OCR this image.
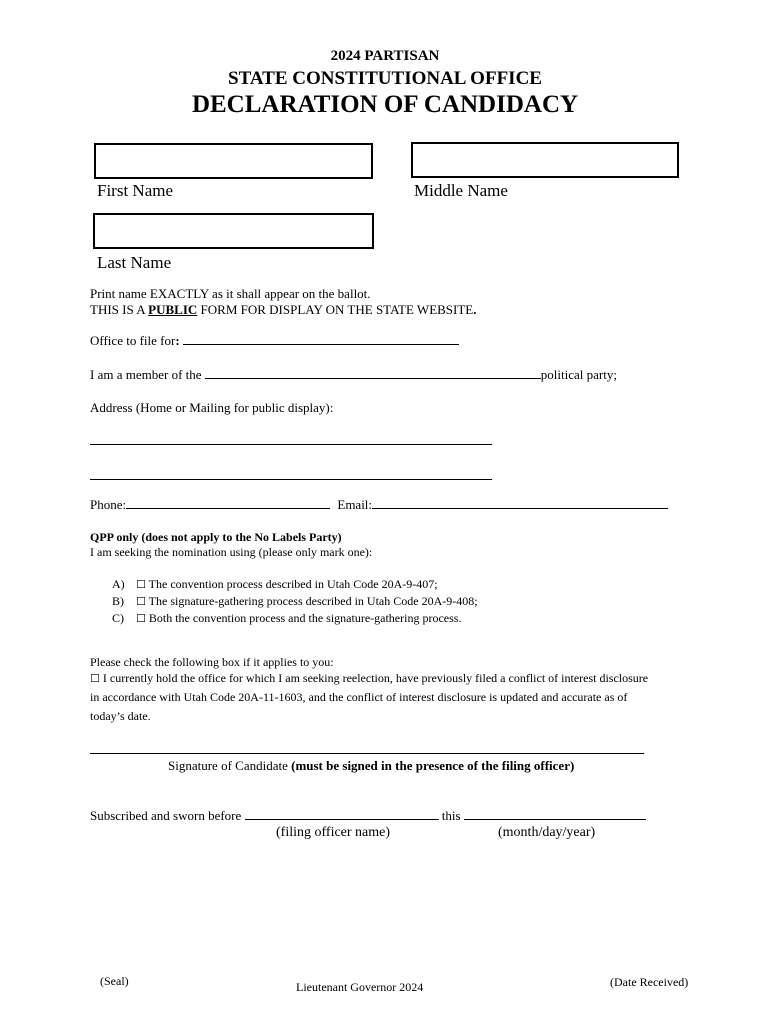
2024 PARTISAN
STATE CONSTITUTIONAL OFFICE
DECLARATION OF CANDIDACY
First Name	Middle Name
Last Name
Print name EXACTLY as it shall appear on the ballot.
THIS IS A PUBLIC FORM FOR DISPLAY ON THE STATE WEBSITE.
Office to file for:
I am a member of the	political party;
Address (Home or Mailing for public display):
Phone:	Email:
QPP only (does not apply to the No Labels Party)
I am seeking the nomination using (please only mark one):
A) ☐ The convention process described in Utah Code 20A-9-407;
B) ☐ The signature-gathering process described in Utah Code 20A-9-408;
C) ☐ Both the convention process and the signature-gathering process.
Please check the following box if it applies to you:
☐ I currently hold the office for which I am seeking reelection, have previously filed a conflict of interest disclosure
in accordance with Utah Code 20A-11-1603, and the conflict of interest disclosure is updated and accurate as of
today’s date.
Signature of Candidate (must be signed in the presence of the filing officer)
Subscribed and sworn before	this
(filing officer name)	(month/day/year)
(Seal)	Lieutenant Governor 2024	(Date Received)
